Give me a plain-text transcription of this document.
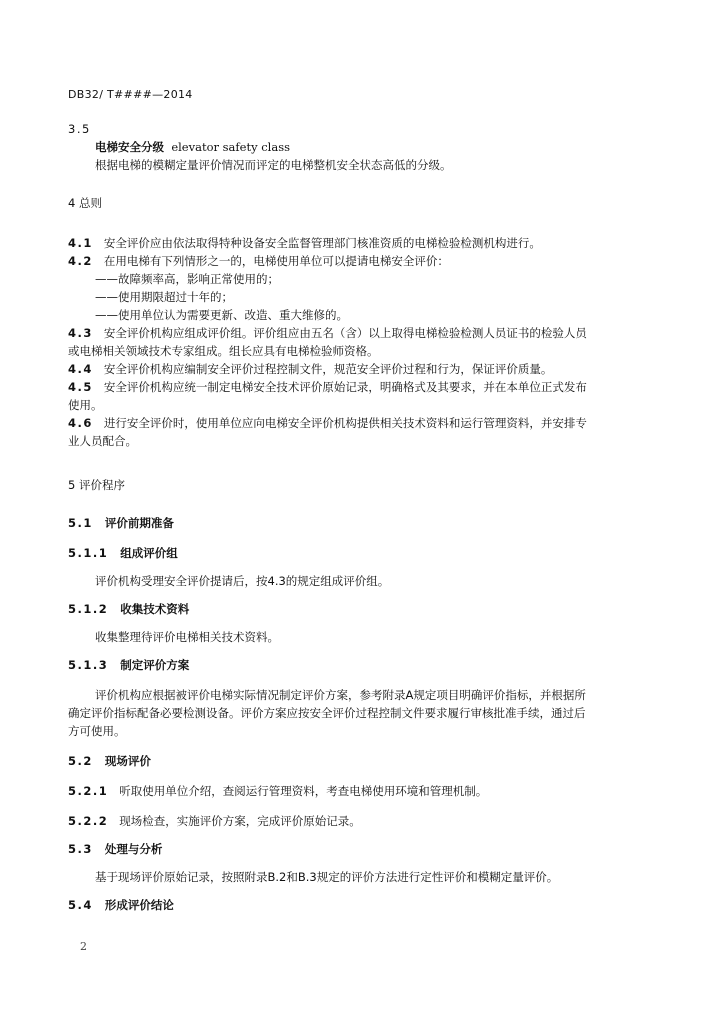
DB32/ T####—2014
3.5
电梯安全分级 elevator safety class
根据电梯的模糊定量评价情况而评定的电梯整机安全状态高低的分级。
4 总则
4.1 安全评价应由依法取得特种设备安全监督管理部门核准资质的电梯检验检测机构进行。
4.2 在用电梯有下列情形之一的，电梯使用单位可以提请电梯安全评价：
——故障频率高，影响正常使用的；
——使用期限超过十年的；
——使用单位认为需要更新、改造、重大维修的。
4.3 安全评价机构应组成评价组。评价组应由五名（含）以上取得电梯检验检测人员证书的检验人员
或电梯相关领域技术专家组成。组长应具有电梯检验师资格。
4.4 安全评价机构应编制安全评价过程控制文件，规范安全评价过程和行为，保证评价质量。
4.5 安全评价机构应统一制定电梯安全技术评价原始记录，明确格式及其要求，并在本单位正式发布
使用。
4.6 进行安全评价时，使用单位应向电梯安全评价机构提供相关技术资料和运行管理资料，并安排专
业人员配合。
5 评价程序
5.1 评价前期准备
5.1.1 组成评价组
评价机构受理安全评价提请后，按4.3的规定组成评价组。
5.1.2 收集技术资料
收集整理待评价电梯相关技术资料。
5.1.3 制定评价方案
评价机构应根据被评价电梯实际情况制定评价方案，参考附录A规定项目明确评价指标，并根据所
确定评价指标配备必要检测设备。评价方案应按安全评价过程控制文件要求履行审核批准手续，通过后
方可使用。
5.2 现场评价
5.2.1 听取使用单位介绍，查阅运行管理资料，考查电梯使用环境和管理机制。
5.2.2 现场检查，实施评价方案，完成评价原始记录。
5.3 处理与分析
基于现场评价原始记录，按照附录B.2和B.3规定的评价方法进行定性评价和模糊定量评价。
5.4 形成评价结论
2
